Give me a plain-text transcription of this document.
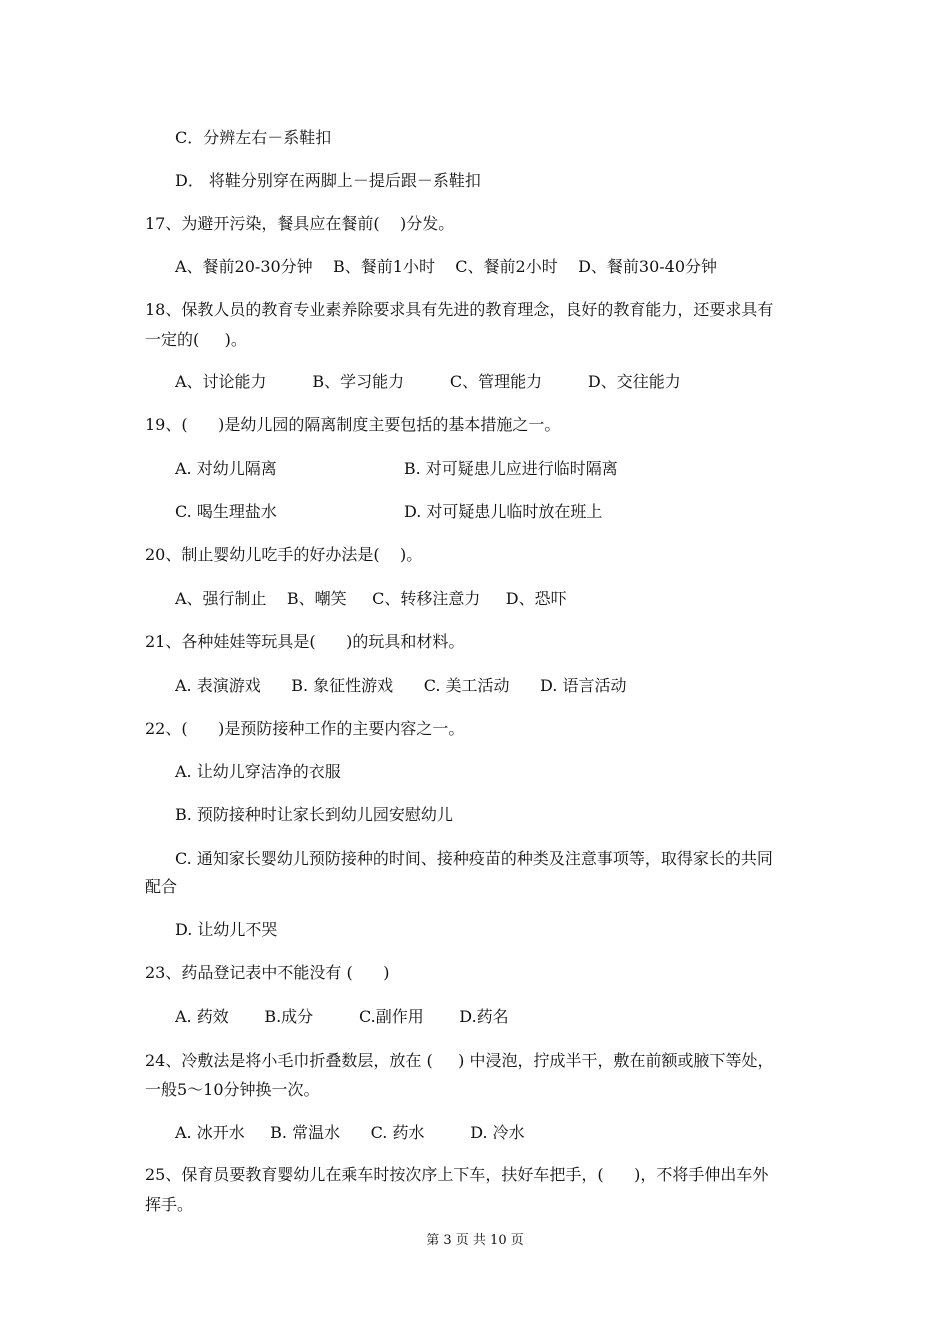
C．分辨左右－系鞋扣
D． 将鞋分别穿在两脚上－提后跟－系鞋扣
17、为避开污染，餐具应在餐前(    )分发。
A、餐前20-30分钟    B、餐前1小时    C、餐前2小时    D、餐前30-40分钟
18、保教人员的教育专业素养除要求具有先进的教育理念，良好的教育能力，还要求具有
一定的(     )。
A、讨论能力         B、学习能力         C、管理能力         D、交往能力
19、(      )是幼儿园的隔离制度主要包括的基本措施之一。
A. 对幼儿隔离                         B. 对可疑患儿应进行临时隔离
C. 喝生理盐水                         D. 对可疑患儿临时放在班上
20、制止婴幼儿吃手的好办法是(    )。
A、强行制止    B、嘲笑     C、转移注意力     D、恐吓
21、各种娃娃等玩具是(      )的玩具和材料。
A. 表演游戏      B. 象征性游戏      C. 美工活动      D. 语言活动
22、(      )是预防接种工作的主要内容之一。
A. 让幼儿穿洁净的衣服
B. 预防接种时让家长到幼儿园安慰幼儿
C. 通知家长婴幼儿预防接种的时间、接种疫苗的种类及注意事项等，取得家长的共同
配合
D. 让幼儿不哭
23、药品登记表中不能没有 (      )
A. 药效       B.成分         C.副作用       D.药名
24、冷敷法是将小毛巾折叠数层，放在 (     ) 中浸泡，拧成半干，敷在前额或腋下等处，
一般5～10分钟换一次。
A. 冰开水     B. 常温水      C. 药水         D. 冷水
25、保育员要教育婴幼儿在乘车时按次序上下车，扶好车把手，(      )，不将手伸出车外
挥手。
第 3 页 共 10 页
